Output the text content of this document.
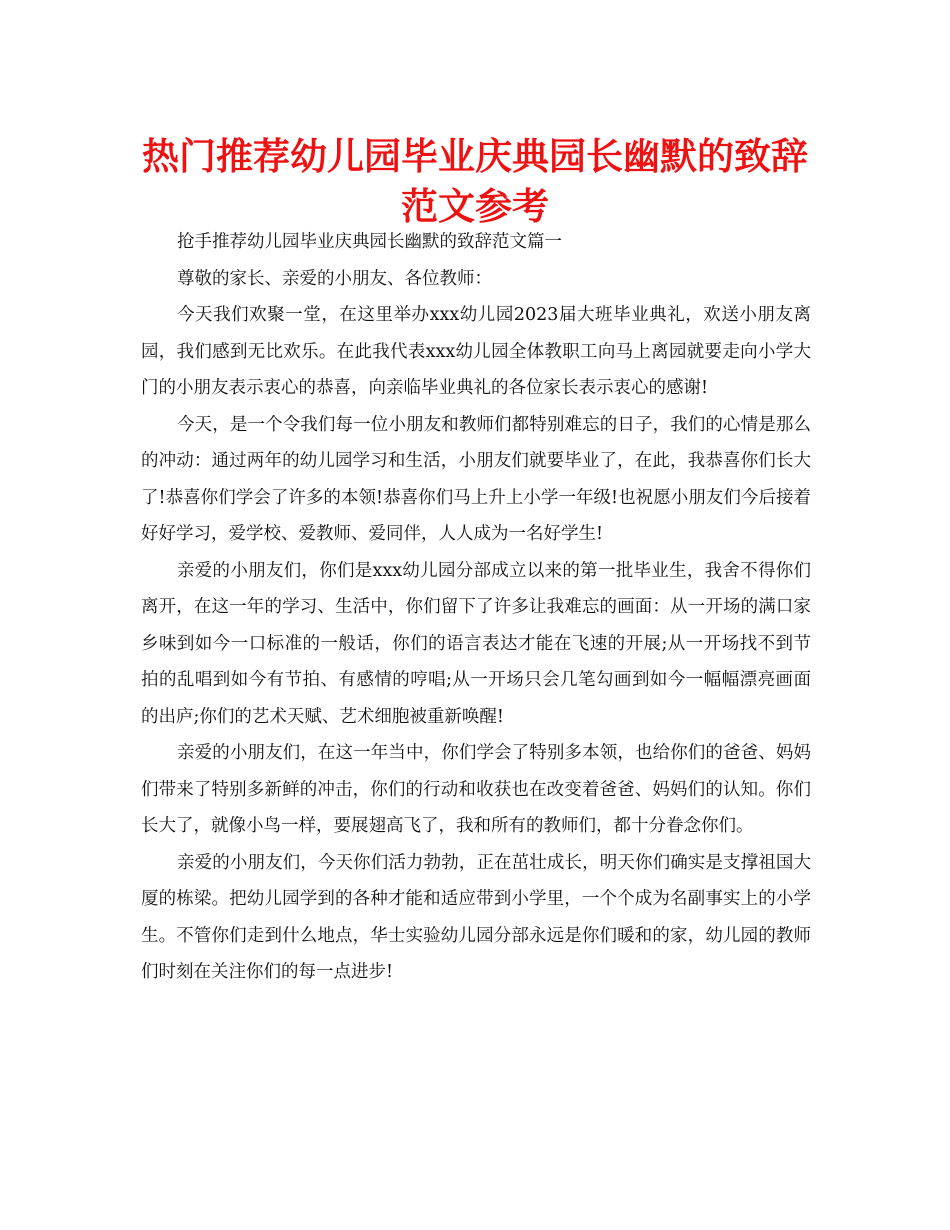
热门推荐幼儿园毕业庆典园长幽默的致辞
范文参考

抢手推荐幼儿园毕业庆典园长幽默的致辞范文篇一

尊敬的家长、亲爱的小朋友、各位教师：

今天我们欢聚一堂，在这里举办xxx幼儿园2023届大班毕业典礼，欢送小朋友离园，我们感到无比欢乐。在此我代表xxx幼儿园全体教职工向马上离园就要走向小学大门的小朋友表示衷心的恭喜，向亲临毕业典礼的各位家长表示衷心的感谢!

今天，是一个令我们每一位小朋友和教师们都特别难忘的日子，我们的心情是那么的冲动：通过两年的幼儿园学习和生活，小朋友们就要毕业了，在此，我恭喜你们长大了!恭喜你们学会了许多的本领!恭喜你们马上升上小学一年级!也祝愿小朋友们今后接着好好学习，爱学校、爱教师、爱同伴，人人成为一名好学生!

亲爱的小朋友们，你们是xxx幼儿园分部成立以来的第一批毕业生，我舍不得你们离开，在这一年的学习、生活中，你们留下了许多让我难忘的画面：从一开场的满口家乡味到如今一口标准的一般话，你们的语言表达才能在飞速的开展;从一开场找不到节拍的乱唱到如今有节拍、有感情的哼唱;从一开场只会几笔勾画到如今一幅幅漂亮画面的出庐;你们的艺术天赋、艺术细胞被重新唤醒!

亲爱的小朋友们，在这一年当中，你们学会了特别多本领，也给你们的爸爸、妈妈们带来了特别多新鲜的冲击，你们的行动和收获也在改变着爸爸、妈妈们的认知。你们长大了，就像小鸟一样，要展翅高飞了，我和所有的教师们，都十分眷念你们。

亲爱的小朋友们，今天你们活力勃勃，正在茁壮成长，明天你们确实是支撑祖国大厦的栋梁。把幼儿园学到的各种才能和适应带到小学里，一个个成为名副事实上的小学生。不管你们走到什么地点，华士实验幼儿园分部永远是你们暖和的家，幼儿园的教师们时刻在关注你们的每一点进步!
